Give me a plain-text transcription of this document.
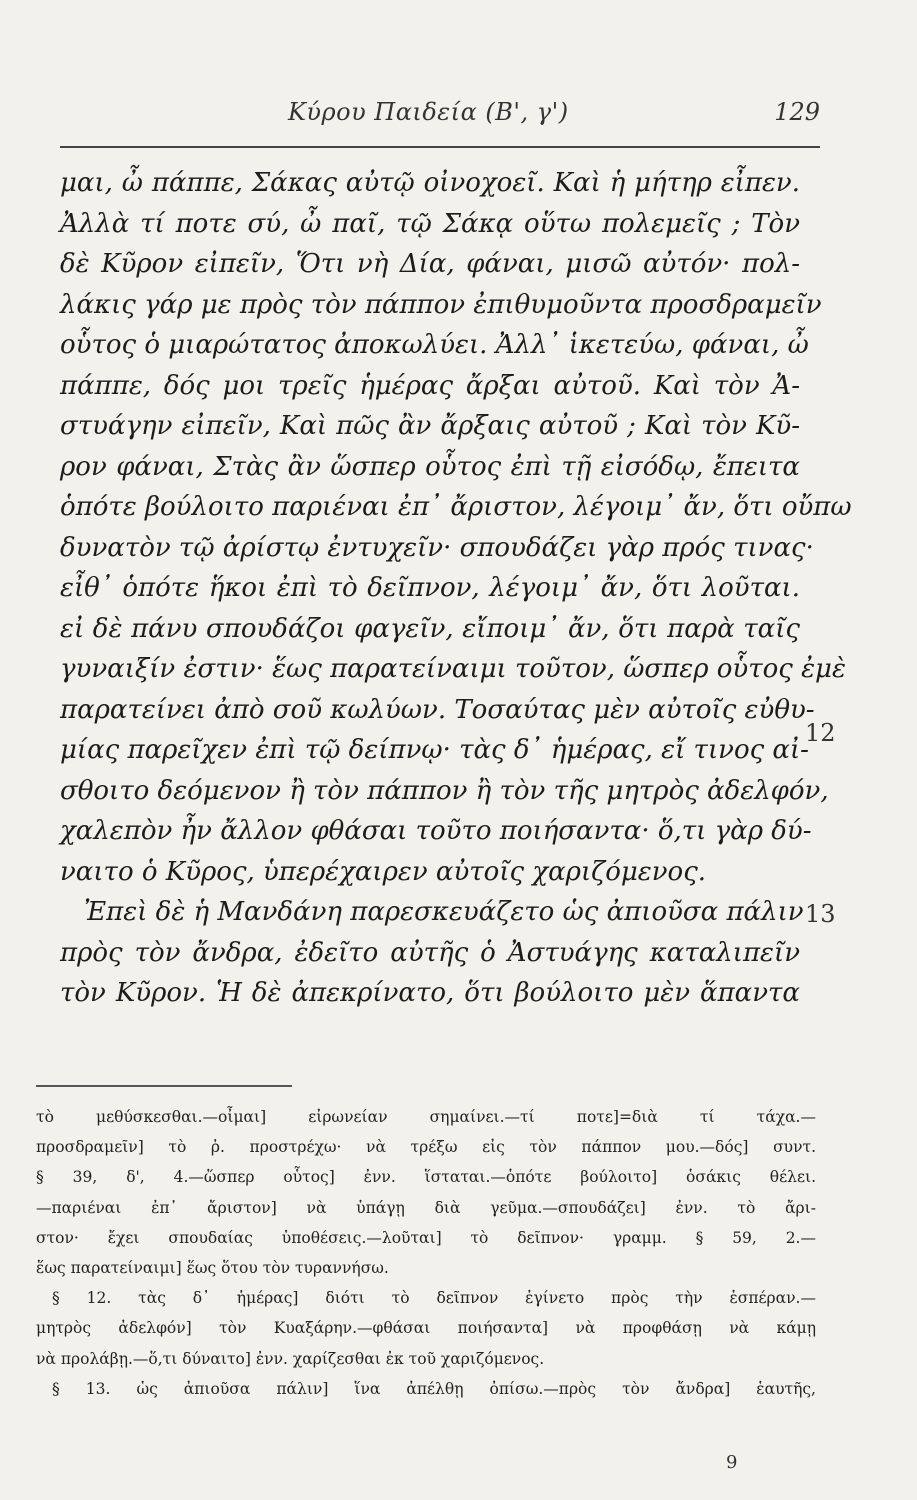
Κύρου Παιδεία (Β', γ')	129
μαι, ὦ πάππε, Σάκας αὐτῷ οἰνοχοεῖ. Καὶ ἡ μήτηρ εἶπεν.
Ἀλλὰ τί ποτε σύ, ὦ παῖ, τῷ Σάκᾳ οὕτω πολεμεῖς ; Τὸν
δὲ Κῦρον εἰπεῖν, Ὅτι νὴ Δία, φάναι, μισῶ αὐτόν· πολ-
λάκις γάρ με πρὸς τὸν πάππον ἐπιθυμοῦντα προσδραμεῖν
οὗτος ὁ μιαρώτατος ἀποκωλύει. Ἀλλ᾽ ἱκετεύω, φάναι, ὦ
πάππε, δός μοι τρεῖς ἡμέρας ἄρξαι αὐτοῦ. Καὶ τὸν Ἀ-
στυάγην εἰπεῖν, Καὶ πῶς ἂν ἄρξαις αὐτοῦ ; Καὶ τὸν Κῦ-
ρον φάναι, Στὰς ἂν ὥσπερ οὗτος ἐπὶ τῇ εἰσόδῳ, ἔπειτα
ὁπότε βούλοιτο παριέναι ἐπ᾽ ἄριστον, λέγοιμ᾽ ἄν, ὅτι οὔπω
δυνατὸν τῷ ἀρίστῳ ἐντυχεῖν· σπουδάζει γὰρ πρός τινας·
εἶθ᾽ ὁπότε ἥκοι ἐπὶ τὸ δεῖπνον, λέγοιμ᾽ ἄν, ὅτι λοῦται.
εἰ δὲ πάνυ σπουδάζοι φαγεῖν, εἴποιμ᾽ ἄν, ὅτι παρὰ ταῖς
γυναιξίν ἐστιν· ἕως παρατείναιμι τοῦτον, ὥσπερ οὗτος ἐμὲ
παρατείνει ἀπὸ σοῦ κωλύων. Τοσαύτας μὲν αὐτοῖς εὐθυ-
μίας παρεῖχεν ἐπὶ τῷ δείπνῳ· τὰς δ᾽ ἡμέρας, εἴ τινος αἰ-
σθοιτο δεόμενον ἢ τὸν πάππον ἢ τὸν τῆς μητρὸς ἀδελφόν,
χαλεπὸν ἦν ἄλλον φθάσαι τοῦτο ποιήσαντα· ὅ,τι γὰρ δύ-
ναιτο ὁ Κῦρος, ὑπερέχαιρεν αὐτοῖς χαριζόμενος.
Ἐπεὶ δὲ ἡ Μανδάνη παρεσκευάζετο ὡς ἀπιοῦσα πάλιν
πρὸς τὸν ἄνδρα, ἐδεῖτο αὐτῆς ὁ Ἀστυάγης καταλιπεῖν
τὸν Κῦρον. Ἡ δὲ ἀπεκρίνατο, ὅτι βούλοιτο μὲν ἅπαντα
12
13
τὸ μεθύσκεσθαι.—οἶμαι] εἰρωνείαν σημαίνει.—τί ποτε]=διὰ τί τάχα.—
προσδραμεῖν] τὸ ῥ. προστρέχω· νὰ τρέξω εἰς τὸν πάππον μου.—δός] συντ.
§ 39, δ', 4.—ὥσπερ οὗτος] ἐνν. ἵσταται.—ὁπότε βούλοιτο] ὁσάκις θέλει.
—παριέναι ἐπ᾽ ἄριστον] νὰ ὑπάγῃ διὰ γεῦμα.—σπουδάζει] ἐνν. τὸ ἄρι-
στον· ἔχει σπουδαίας ὑποθέσεις.—λοῦται] τὸ δεῖπνον· γραμμ. § 59, 2.—
ἕως παρατείναιμι] ἕως ὅτου τὸν τυραννήσω.
§ 12. τὰς δ᾽ ἡμέρας] διότι τὸ δεῖπνον ἐγίνετο πρὸς τὴν ἑσπέραν.—
μητρὸς ἀδελφόν] τὸν Κυαξάρην.—φθάσαι ποιήσαντα] νὰ προφθάσῃ νὰ κάμῃ
νὰ προλάβῃ.—ὅ,τι δύναιτο] ἐνν. χαρίζεσθαι ἐκ τοῦ χαριζόμενος.
§ 13. ὡς ἀπιοῦσα πάλιν] ἵνα ἀπέλθῃ ὀπίσω.—πρὸς τὸν ἄνδρα] ἑαυτῆς,
9
